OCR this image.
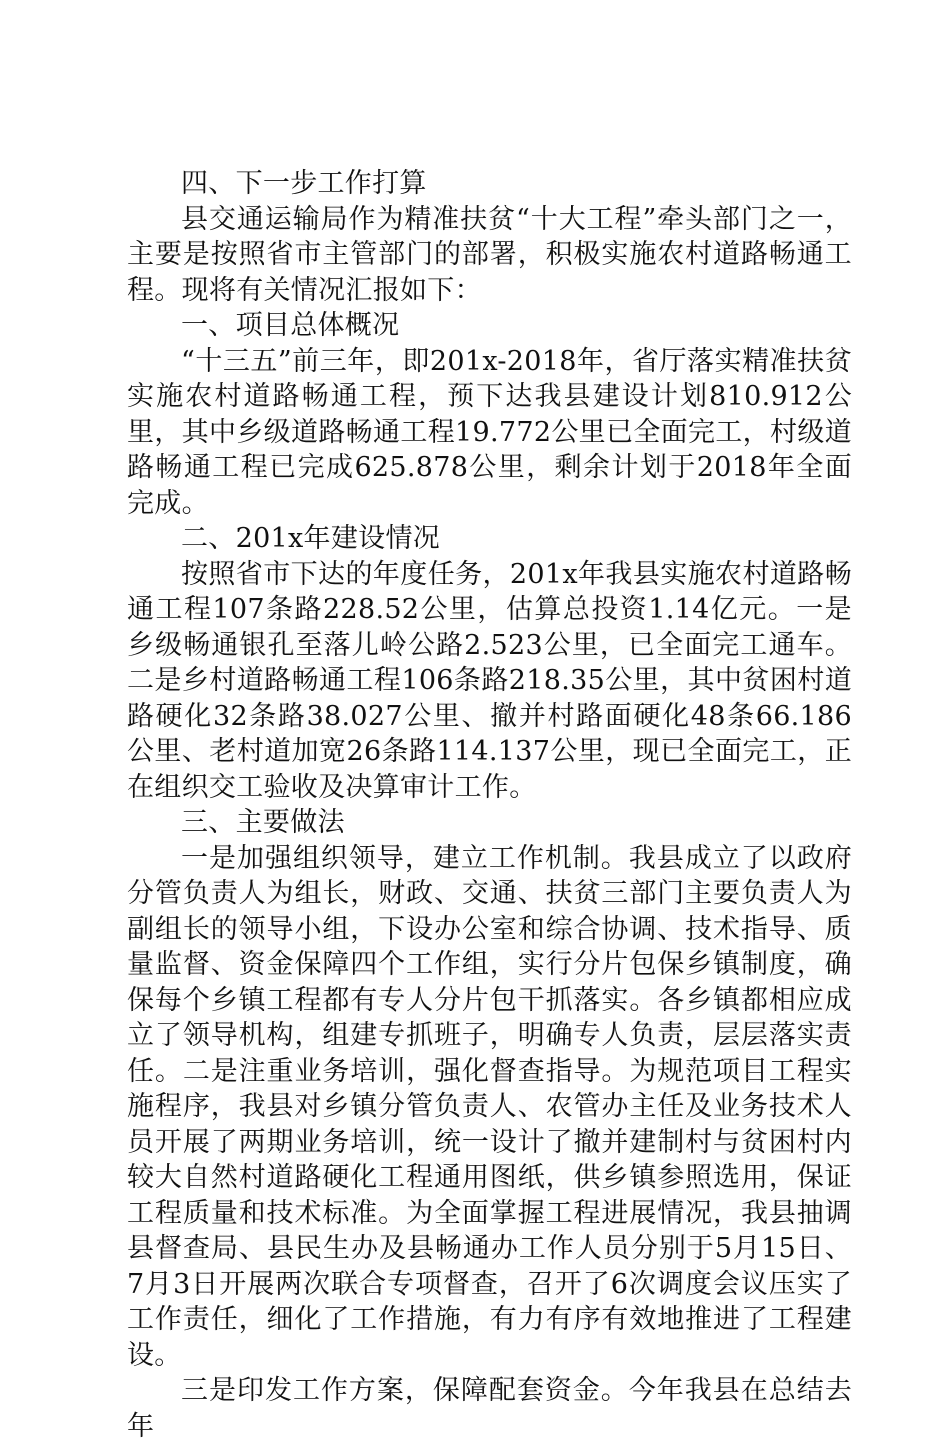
四、下一步工作打算

县交通运输局作为精准扶贫“十大工程”牵头部门之一，主要是按照省市主管部门的部署，积极实施农村道路畅通工程。现将有关情况汇报如下：

一、项目总体概况

“十三五”前三年，即201x-2018年，省厅落实精准扶贫实施农村道路畅通工程，预下达我县建设计划810.912公里，其中乡级道路畅通工程19.772公里已全面完工，村级道路畅通工程已完成625.878公里，剩余计划于2018年全面完成。

二、201x年建设情况

按照省市下达的年度任务，201x年我县实施农村道路畅通工程107条路228.52公里，估算总投资1.14亿元。一是乡级畅通银孔至落儿岭公路2.523公里，已全面完工通车。二是乡村道路畅通工程106条路218.35公里，其中贫困村道路硬化32条路38.027公里、撤并村路面硬化48条66.186公里、老村道加宽26条路114.137公里，现已全面完工，正在组织交工验收及决算审计工作。

三、主要做法

一是加强组织领导，建立工作机制。我县成立了以政府分管负责人为组长，财政、交通、扶贫三部门主要负责人为副组长的领导小组，下设办公室和综合协调、技术指导、质量监督、资金保障四个工作组，实行分片包保乡镇制度，确保每个乡镇工程都有专人分片包干抓落实。各乡镇都相应成立了领导机构，组建专抓班子，明确专人负责，层层落实责任。二是注重业务培训，强化督查指导。为规范项目工程实施程序，我县对乡镇分管负责人、农管办主任及业务技术人员开展了两期业务培训，统一设计了撤并建制村与贫困村内较大自然村道路硬化工程通用图纸，供乡镇参照选用，保证工程质量和技术标准。为全面掌握工程进展情况，我县抽调县督查局、县民生办及县畅通办工作人员分别于5月15日、7月3日开展两次联合专项督查，召开了6次调度会议压实了工作责任，细化了工作措施，有力有序有效地推进了工程建设。

三是印发工作方案，保障配套资金。今年我县在总结去年
